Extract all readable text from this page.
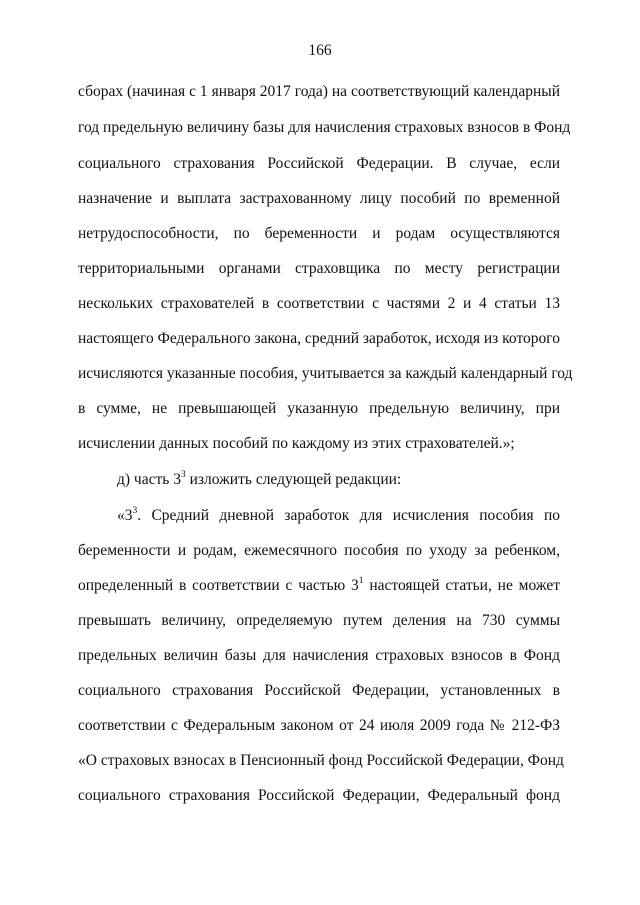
166
сборах (начиная с 1 января 2017 года) на соответствующий календарный
год предельную величину базы для начисления страховых взносов в Фонд
социального страхования Российской Федерации. В случае, если
назначение и выплата застрахованному лицу пособий по временной
нетрудоспособности, по беременности и родам осуществляются
территориальными органами страховщика по месту регистрации
нескольких страхователей в соответствии с частями 2 и 4 статьи 13
настоящего Федерального закона, средний заработок, исходя из которого
исчисляются указанные пособия, учитывается за каждый календарный год
в сумме, не превышающей указанную предельную величину, при
исчислении данных пособий по каждому из этих страхователей.»;
д) часть $3^3$ изложить следующей редакции:
«$3^3$. Средний дневной заработок для исчисления пособия по
беременности и родам, ежемесячного пособия по уходу за ребенком,
определенный в соответствии с частью $3^1$ настоящей статьи, не может
превышать величину, определяемую путем деления на 730 суммы
предельных величин базы для начисления страховых взносов в Фонд
социального страхования Российской Федерации, установленных в
соответствии с Федеральным законом от 24 июля 2009 года № 212-ФЗ
«О страховых взносах в Пенсионный фонд Российской Федерации, Фонд
социального страхования Российской Федерации, Федеральный фонд
